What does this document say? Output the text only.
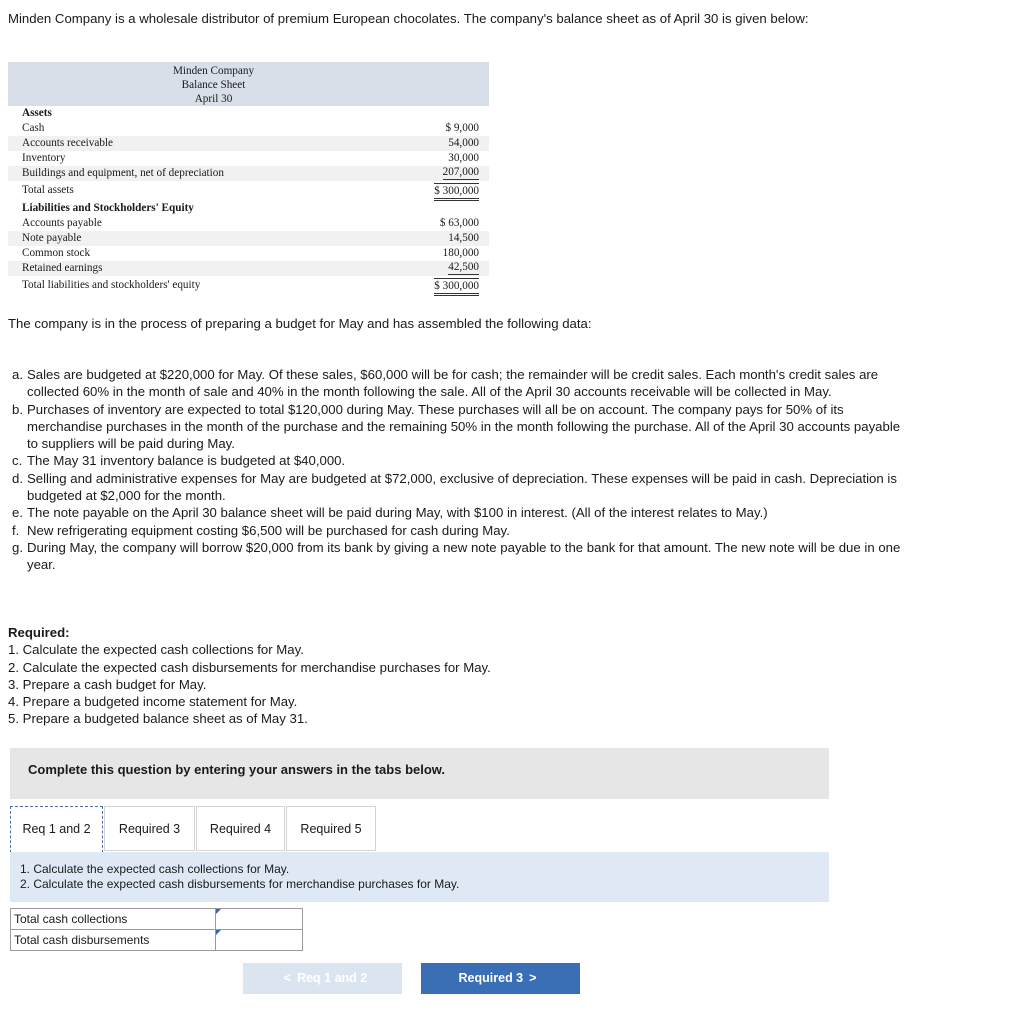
Minden Company is a wholesale distributor of premium European chocolates. The company's balance sheet as of April 30 is given below:
Minden Company
Balance Sheet
April 30
Assets
Cash	$ 9,000
Accounts receivable	54,000
Inventory	30,000
Buildings and equipment, net of depreciation	207,000
Total assets	$ 300,000
Liabilities and Stockholders' Equity
Accounts payable	$ 63,000
Note payable	14,500
Common stock	180,000
Retained earnings	42,500
Total liabilities and stockholders' equity	$ 300,000
The company is in the process of preparing a budget for May and has assembled the following data:
a. Sales are budgeted at $220,000 for May. Of these sales, $60,000 will be for cash; the remainder will be credit sales. Each month's credit sales are collected 60% in the month of sale and 40% in the month following the sale. All of the April 30 accounts receivable will be collected in May.
b. Purchases of inventory are expected to total $120,000 during May. These purchases will all be on account. The company pays for 50% of its merchandise purchases in the month of the purchase and the remaining 50% in the month following the purchase. All of the April 30 accounts payable to suppliers will be paid during May.
c. The May 31 inventory balance is budgeted at $40,000.
d. Selling and administrative expenses for May are budgeted at $72,000, exclusive of depreciation. These expenses will be paid in cash. Depreciation is budgeted at $2,000 for the month.
e. The note payable on the April 30 balance sheet will be paid during May, with $100 in interest. (All of the interest relates to May.)
f. New refrigerating equipment costing $6,500 will be purchased for cash during May.
g. During May, the company will borrow $20,000 from its bank by giving a new note payable to the bank for that amount. The new note will be due in one year.
Required:
1. Calculate the expected cash collections for May.
2. Calculate the expected cash disbursements for merchandise purchases for May.
3. Prepare a cash budget for May.
4. Prepare a budgeted income statement for May.
5. Prepare a budgeted balance sheet as of May 31.
Complete this question by entering your answers in the tabs below.
Req 1 and 2	Required 3	Required 4	Required 5
1. Calculate the expected cash collections for May.
2. Calculate the expected cash disbursements for merchandise purchases for May.
Total cash collections	
Total cash disbursements	
< Req 1 and 2	Required 3 >
